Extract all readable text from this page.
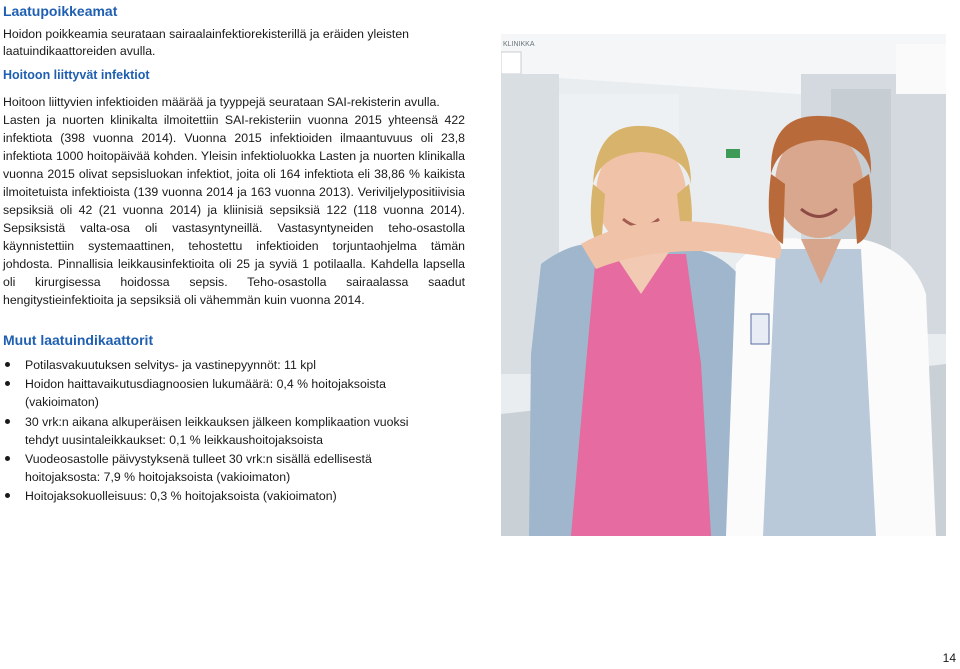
Laatupoikkeamat
Hoidon poikkeamia seurataan sairaalainfektiorekisterillä ja eräiden yleisten laatuindikaattoreiden avulla.
Hoitoon liittyvät infektiot
Hoitoon liittyvien infektioiden määrää ja tyyppejä seurataan SAI-rekisterin avulla.
Lasten ja nuorten klinikalta ilmoitettiin SAI-rekisteriin vuonna 2015 yhteensä 422 infektiota (398 vuonna 2014). Vuonna 2015 infektioiden ilmaantuvuus oli 23,8 infektiota 1000 hoitopäivää kohden. Yleisin infektioluokka Lasten ja nuorten klinikalla vuonna 2015 olivat sepsisluokan infektiot, joita oli 164 infektiota eli 38,86 % kaikista ilmoitetuista infektioista (139 vuonna 2014 ja 163 vuonna 2013). Veriviljelypositiivisia sepsiksiä oli 42 (21 vuonna 2014) ja kliinisiä sepsiksiä 122 (118 vuonna 2014). Sepsiksistä valta-osa oli vastasyntyneillä. Vastasyntyneiden teho-osastolla käynnistettiin systemaattinen, tehostettu infektioiden torjuntaohjelma tämän johdosta. Pinnallisia leikkausinfektioita oli 25 ja syviä 1 potilaalla. Kahdella lapsella oli kirurgisessa hoidossa sepsis. Teho-osastolla sairaalassa saadut hengitystieinfektioita ja sepsiksiä oli vähemmän kuin vuonna 2014.
Muut laatuindikaattorit
Potilasvakuutuksen selvitys- ja vastinepyynnöt: 11 kpl
Hoidon haittavaikutusdiagnoosien lukumäärä: 0,4 % hoitojaksoista (vakioimaton)
30 vrk:n aikana alkuperäisen leikkauksen jälkeen komplikaation vuoksi tehdyt uusintaleikkaukset: 0,1 % leikkaushoitojaksoista
Vuodeosastolle päivystyksenä tulleet 30 vrk:n sisällä edellisestä hoitojaksosta: 7,9 % hoitojaksoista (vakioimaton)
Hoitojaksokuolleisuus: 0,3 % hoitojaksoista (vakioimaton)
KLINIKKA
14
